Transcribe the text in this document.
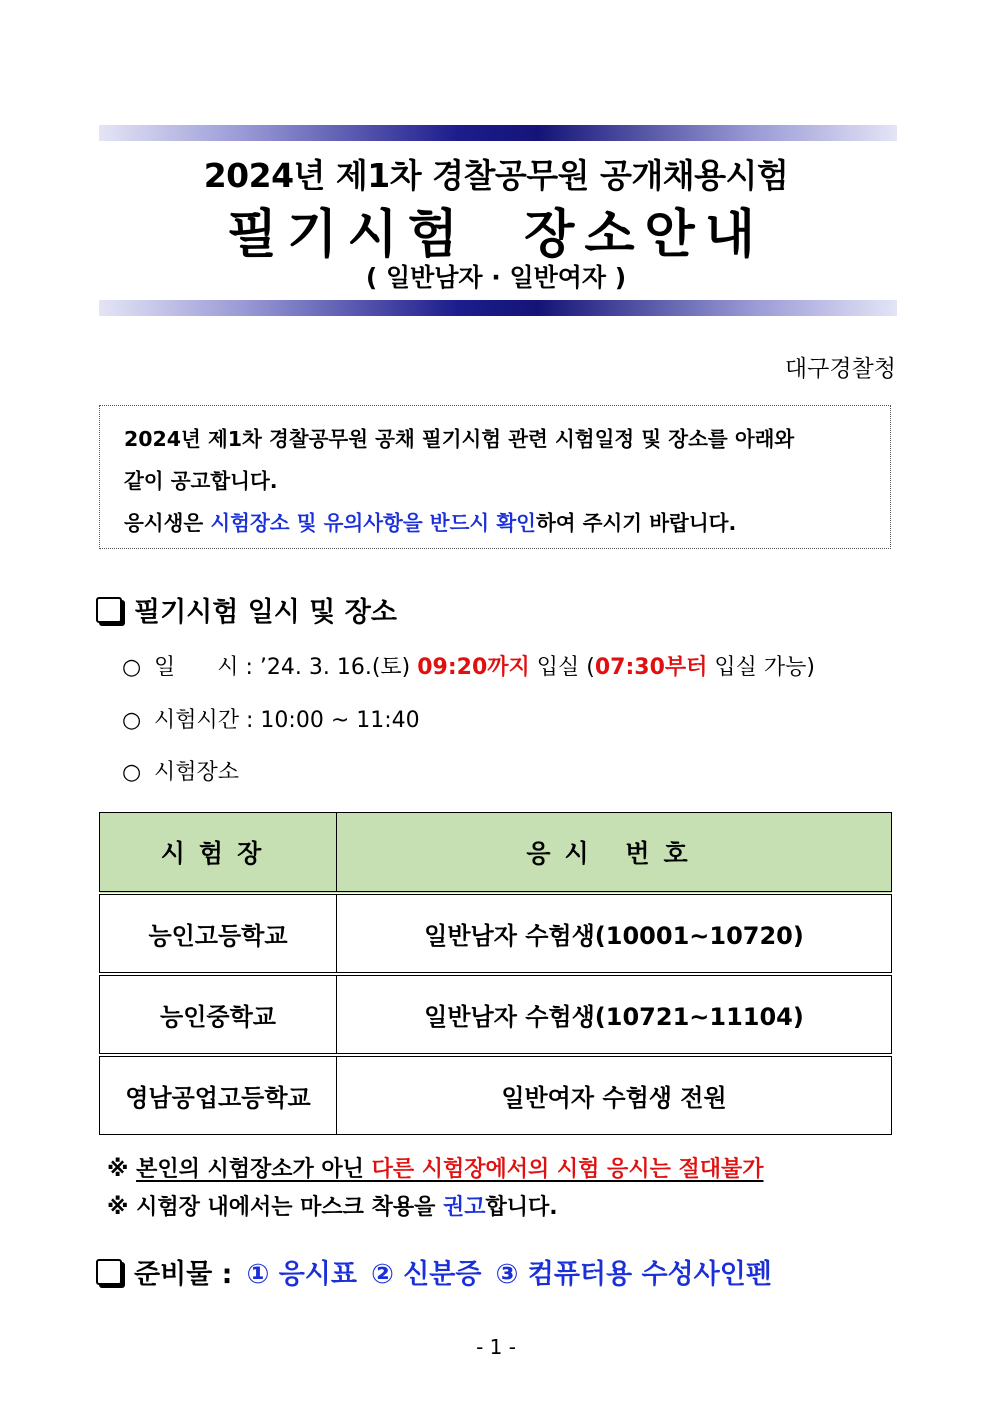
2024년 제1차 경찰공무원 공개채용시험
필기시험  장소안내
( 일반남자 · 일반여자 )
대구경찰청
2024년 제1차 경찰공무원 공채 필기시험 관련 시험일정 및 장소를 아래와
같이 공고합니다.
응시생은 시험장소 및 유의사항을 반드시 확인하여 주시기 바랍니다.
필기시험 일시 및 장소
○ 일      시 : ’24. 3. 16.(토) 09:20까지 입실 (07:30부터 입실 가능)
○ 시험시간 : 10:00 ~ 11:40
○ 시험장소
시험장	응시 번호
능인고등학교	일반남자 수험생(10001~10720)
능인중학교	일반남자 수험생(10721~11104)
영남공업고등학교	일반여자 수험생 전원
※ 본인의 시험장소가 아닌 다른 시험장에서의 시험 응시는 절대불가
※ 시험장 내에서는 마스크 착용을 권고합니다.
준비물 : ① 응시표 ② 신분증 ③ 컴퓨터용 수성사인펜
- 1 -
